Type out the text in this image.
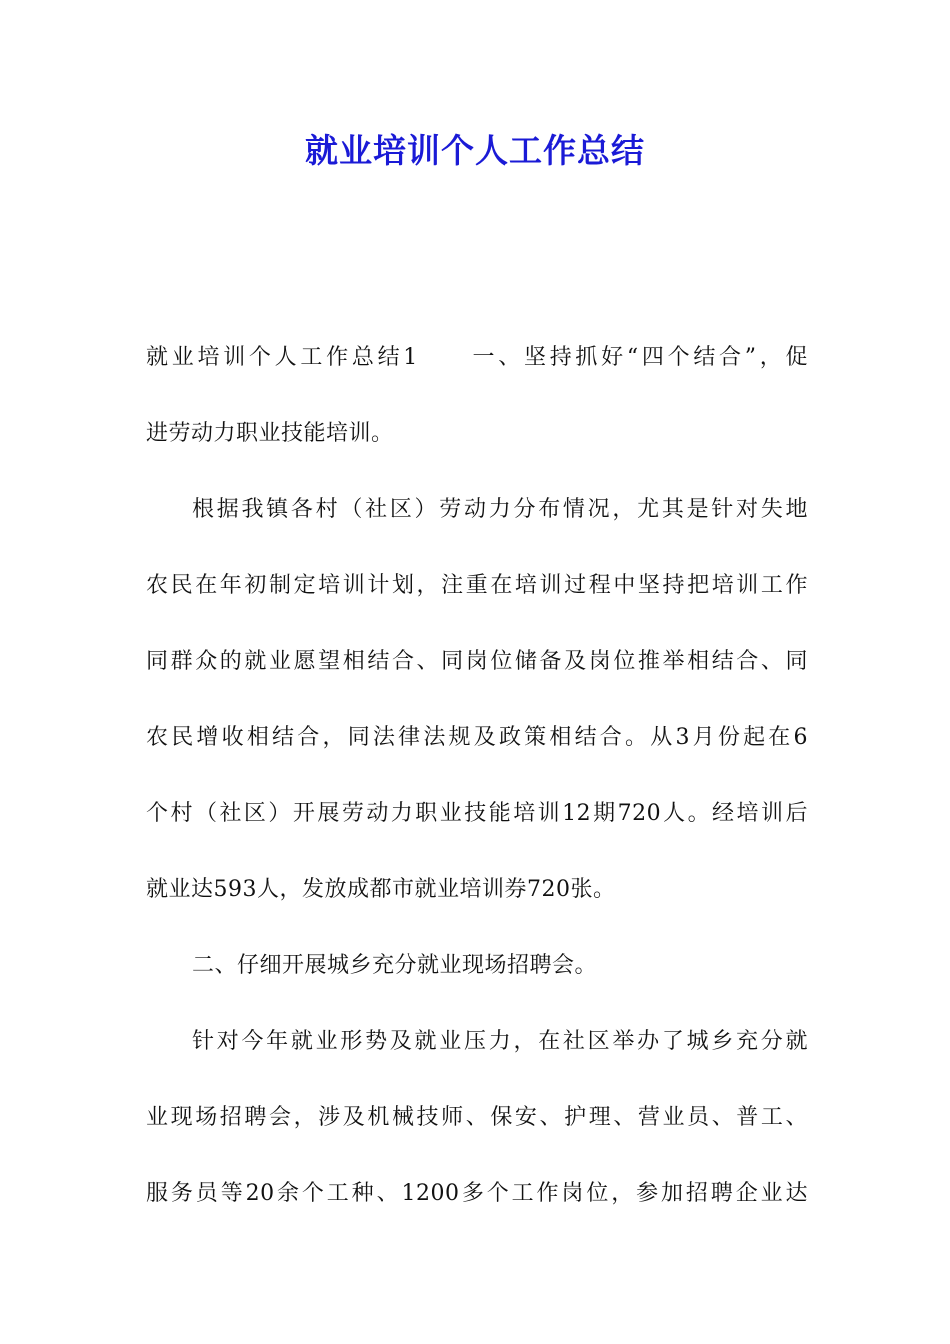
就业培训个人工作总结
就业培训个人工作总结1　　一、坚持抓好“四个结合”，促
进劳动力职业技能培训。
根据我镇各村（社区）劳动力分布情况，尤其是针对失地
农民在年初制定培训计划，注重在培训过程中坚持把培训工作
同群众的就业愿望相结合、同岗位储备及岗位推举相结合、同
农民增收相结合，同法律法规及政策相结合。从3月份起在6
个村（社区）开展劳动力职业技能培训12期720人。经培训后
就业达593人，发放成都市就业培训券720张。
二、仔细开展城乡充分就业现场招聘会。
针对今年就业形势及就业压力，在社区举办了城乡充分就
业现场招聘会，涉及机械技师、保安、护理、营业员、普工、
服务员等20余个工种、1200多个工作岗位，参加招聘企业达
